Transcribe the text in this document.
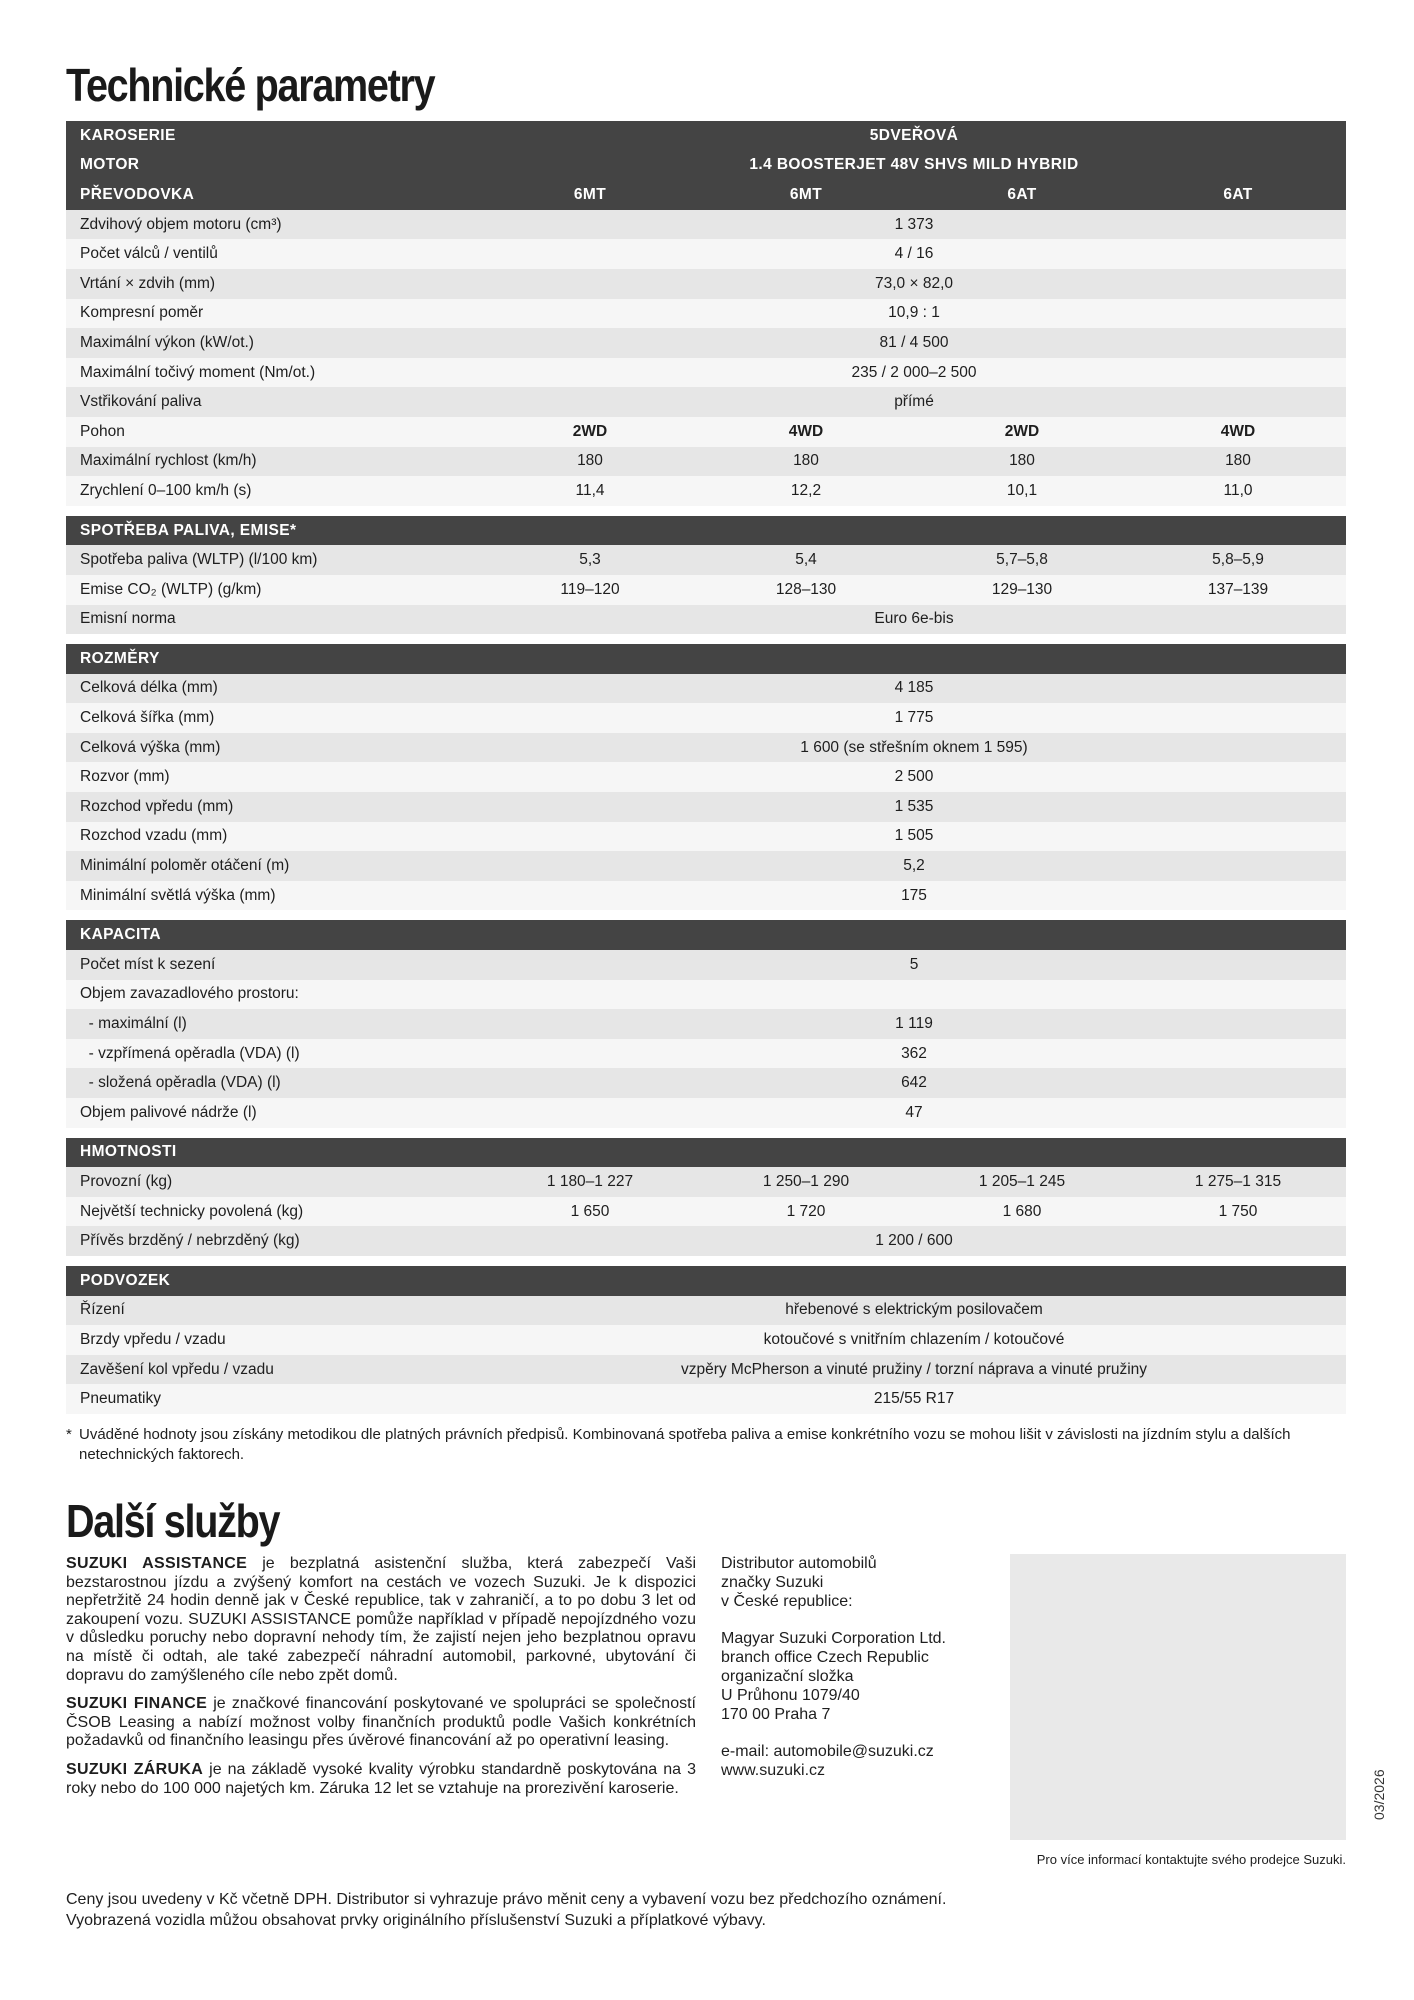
Technické parametry
KAROSERIE	5DVEŘOVÁ
MOTOR	1.4 BOOSTERJET 48V SHVS MILD HYBRID
PŘEVODOVKA	6MT	6MT	6AT	6AT
Zdvihový objem motoru (cm³)	1 373
Počet válců / ventilů	4 / 16
Vrtání × zdvih (mm)	73,0 × 82,0
Kompresní poměr	10,9 : 1
Maximální výkon (kW/ot.)	81 / 4 500
Maximální točivý moment (Nm/ot.)	235 / 2 000–2 500
Vstřikování paliva	přímé
Pohon	2WD	4WD	2WD	4WD
Maximální rychlost (km/h)	180	180	180	180
Zrychlení 0–100 km/h (s)	11,4	12,2	10,1	11,0
SPOTŘEBA PALIVA, EMISE*
Spotřeba paliva (WLTP) (l/100 km)	5,3	5,4	5,7–5,8	5,8–5,9
Emise CO₂ (WLTP) (g/km)	119–120	128–130	129–130	137–139
Emisní norma	Euro 6e-bis
ROZMĚRY
Celková délka (mm)	4 185
Celková šířka (mm)	1 775
Celková výška (mm)	1 600 (se střešním oknem 1 595)
Rozvor (mm)	2 500
Rozchod vpředu (mm)	1 535
Rozchod vzadu (mm)	1 505
Minimální poloměr otáčení (m)	5,2
Minimální světlá výška (mm)	175
KAPACITA
Počet míst k sezení	5
Objem zavazadlového prostoru:
- maximální (l)	1 119
- vzpřímená opěradla (VDA) (l)	362
- složená opěradla (VDA) (l)	642
Objem palivové nádrže (l)	47
HMOTNOSTI
Provozní (kg)	1 180–1 227	1 250–1 290	1 205–1 245	1 275–1 315
Největší technicky povolená (kg)	1 650	1 720	1 680	1 750
Přívěs brzděný / nebrzděný (kg)	1 200 / 600
PODVOZEK
Řízení	hřebenové s elektrickým posilovačem
Brzdy vpředu / vzadu	kotoučové s vnitřním chlazením / kotoučové
Zavěšení kol vpředu / vzadu	vzpěry McPherson a vinuté pružiny / torzní náprava a vinuté pružiny
Pneumatiky	215/55 R17
* Uváděné hodnoty jsou získány metodikou dle platných právních předpisů. Kombinovaná spotřeba paliva a emise konkrétního vozu se mohou lišit v závislosti na jízdním stylu a dalších netechnických faktorech.
Další služby

SUZUKI ASSISTANCE je bezplatná asistenční služba, která zabezpečí Vaši bezstarostnou jízdu a zvýšený komfort na cestách ve vozech Suzuki. Je k dispozici nepřetržitě 24 hodin denně jak v České republice, tak v zahraničí, a to po dobu 3 let od zakoupení vozu. SUZUKI ASSISTANCE pomůže například v případě nepojízdného vozu v důsledku poruchy nebo dopravní nehody tím, že zajistí nejen jeho bezplatnou opravu na místě či odtah, ale také zabezpečí náhradní automobil, parkovné, ubytování či dopravu do zamýšleného cíle nebo zpět domů.

SUZUKI FINANCE je značkové financování poskytované ve spolupráci se společností ČSOB Leasing a nabízí možnost volby finančních produktů podle Vašich konkrétních požadavků od finančního leasingu přes úvěrové financování až po operativní leasing.

SUZUKI ZÁRUKA je na základě vysoké kvality výrobku standardně poskytována na 3 roky nebo do 100 000 najetých km. Záruka 12 let se vztahuje na prorezivění karoserie.

Distributor automobilů
značky Suzuki
v České republice:
Magyar Suzuki Corporation Ltd.
branch office Czech Republic
organizační složka
U Průhonu 1079/40
170 00 Praha 7
e-mail: automobile@suzuki.cz
www.suzuki.cz
Pro více informací kontaktujte svého prodejce Suzuki.
03/2026
Ceny jsou uvedeny v Kč včetně DPH. Distributor si vyhrazuje právo měnit ceny a vybavení vozu bez předchozího oznámení.
Vyobrazená vozidla můžou obsahovat prvky originálního příslušenství Suzuki a příplatkové výbavy.
